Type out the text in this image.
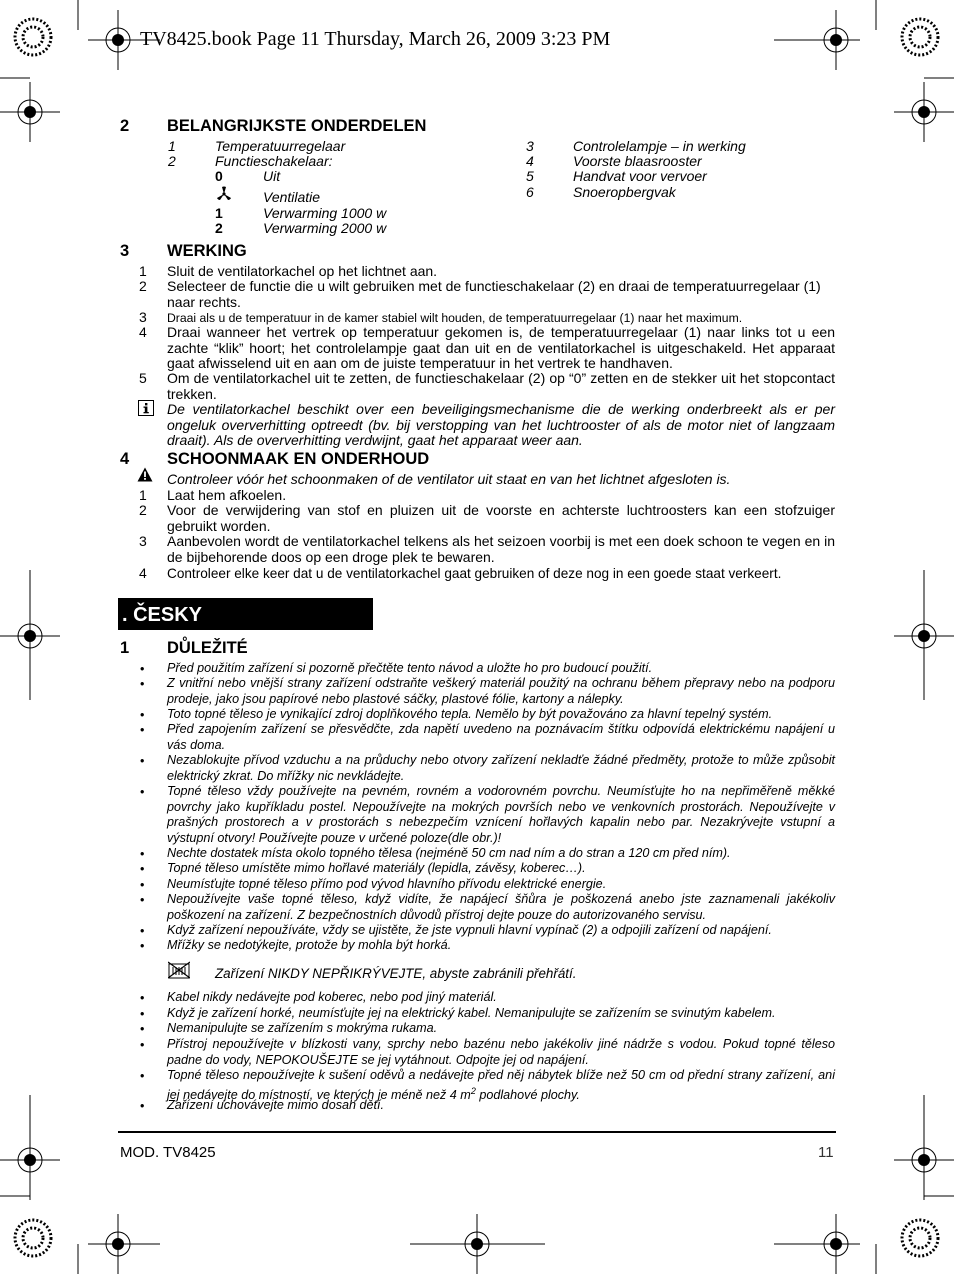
TV8425.book Page 11 Thursday, March 26, 2009 3:23 PM
2 BELANGRIJKSTE ONDERDELEN
1	Temperatuurregelaar
2	Functieschakelaar:
0	Uit
Ventilatie
1	Verwarming 1000 w
2	Verwarming 2000 w
3	Controlelampje – in werking
4	Voorste blaasrooster
5	Handvat voor vervoer
6	Snoeropbergvak
3 WERKING
1 Sluit de ventilatorkachel op het lichtnet aan.
2 Selecteer de functie die u wilt gebruiken met de functieschakelaar (2) en draai de temperatuurregelaar (1) naar rechts.
3 Draai als u de temperatuur in de kamer stabiel wilt houden, de temperatuurregelaar (1) naar het maximum.
4 Draai wanneer het vertrek op temperatuur gekomen is, de temperatuurregelaar (1) naar links tot u een zachte “klik” hoort; het controlelampje gaat dan uit en de ventilatorkachel is uitgeschakeld. Het apparaat gaat afwisselend uit en aan om de juiste temperatuur in het vertrek te handhaven.
5 Om de ventilatorkachel uit te zetten, de functieschakelaar (2) op “0” zetten en de stekker uit het stopcontact trekken.
De ventilatorkachel beschikt over een beveiligingsmechanisme die de werking onderbreekt als er per ongeluk oververhitting optreedt (bv. bij verstopping van het luchtrooster of als de motor niet of langzaam draait). Als de oververhitting verdwijnt, gaat het apparaat weer aan.
4 SCHOONMAAK EN ONDERHOUD
Controleer vóór het schoonmaken of de ventilator uit staat en van het lichtnet afgesloten is.
1 Laat hem afkoelen.
2 Voor de verwijdering van stof en pluizen uit de voorste en achterste luchtroosters kan een stofzuiger gebruikt worden.
3 Aanbevolen wordt de ventilatorkachel telkens als het seizoen voorbij is met een doek schoon te vegen en in de bijbehorende doos op een droge plek te bewaren.
4 Controleer elke keer dat u de ventilatorkachel gaat gebruiken of deze nog in een goede staat verkeert.
. ČESKY
1 DŮLEŽITÉ
• Před použitím zařízení si pozorně přečtěte tento návod a uložte ho pro budoucí použití.
• Z vnitřní nebo vnější strany zařízení odstraňte veškerý materiál použitý na ochranu během přepravy nebo na podporu prodeje, jako jsou papírové nebo plastové sáčky, plastové fólie, kartony a nálepky.
• Toto topné těleso je vynikající zdroj doplňkového tepla. Nemělo by být považováno za hlavní tepelný systém.
• Před zapojením zařízení se přesvědčte, zda napětí uvedeno na poznávacím štítku odpovídá elektrickému napájení u vás doma.
• Nezablokujte přívod vzduchu a na průduchy nebo otvory zařízení nekladťe žádné předměty, protože to může způsobit elektrický zkrat. Do mřížky nic nevkládejte.
• Topné těleso vždy používejte na pevném, rovném a vodorovném povrchu. Neumísťujte ho na nepřiměřeně měkké povrchy jako kupříkladu postel. Nepoužívejte na mokrých površích nebo ve venkovních prostorách. Nepoužívejte v prašných prostorech a v prostorách s nebezpečím vznícení hořlavých kapalin nebo par. Nezakrývejte vstupní a výstupní otvory! Používejte pouze v určené poloze(dle obr.)!
• Nechte dostatek místa okolo topného tělesa (nejméně 50 cm nad ním a do stran a 120 cm před ním).
• Topné těleso umístěte mimo hořlavé materiály (lepidla, závěsy, koberec…).
• Neumísťujte topné těleso přímo pod vývod hlavního přívodu elektrické energie.
• Nepoužívejte vaše topné těleso, když vidíte, že napájecí šňůra je poškozená anebo jste zaznamenali jakékoliv poškození na zařízení. Z bezpečnostních důvodů přístroj dejte pouze do autorizovaného servisu.
• Když zařízení nepoužíváte, vždy se ujistěte, že jste vypnuli hlavní vypínač (2) a odpojili zařízení od napájení.
• Mřížky se nedotýkejte, protože by mohla být horká.
Zařízení NIKDY NEPŘIKRÝVEJTE, abyste zabránili přehřátí.
• Kabel nikdy nedávejte pod koberec, nebo pod jiný materiál.
• Když je zařízení horké, neumísťujte jej na elektrický kabel. Nemanipulujte se zařízením se svinutým kabelem.
• Nemanipulujte se zařízením s mokrýma rukama.
• Přístroj nepoužívejte v blízkosti vany, sprchy nebo bazénu nebo jakékoliv jiné nádrže s vodou. Pokud topné těleso padne do vody, NEPOKOUŠEJTE se jej vytáhnout. Odpojte jej od napájení.
• Topné těleso nepoužívejte k sušení oděvů a nedávejte před něj nábytek blíže než 50 cm od přední strany zařízení, ani jej nedávejte do místností, ve kterých je méně než 4 $m^2$ podlahové plochy.
• Zařízení uchovávejte mimo dosah dětí.
MOD. TV8425	11
